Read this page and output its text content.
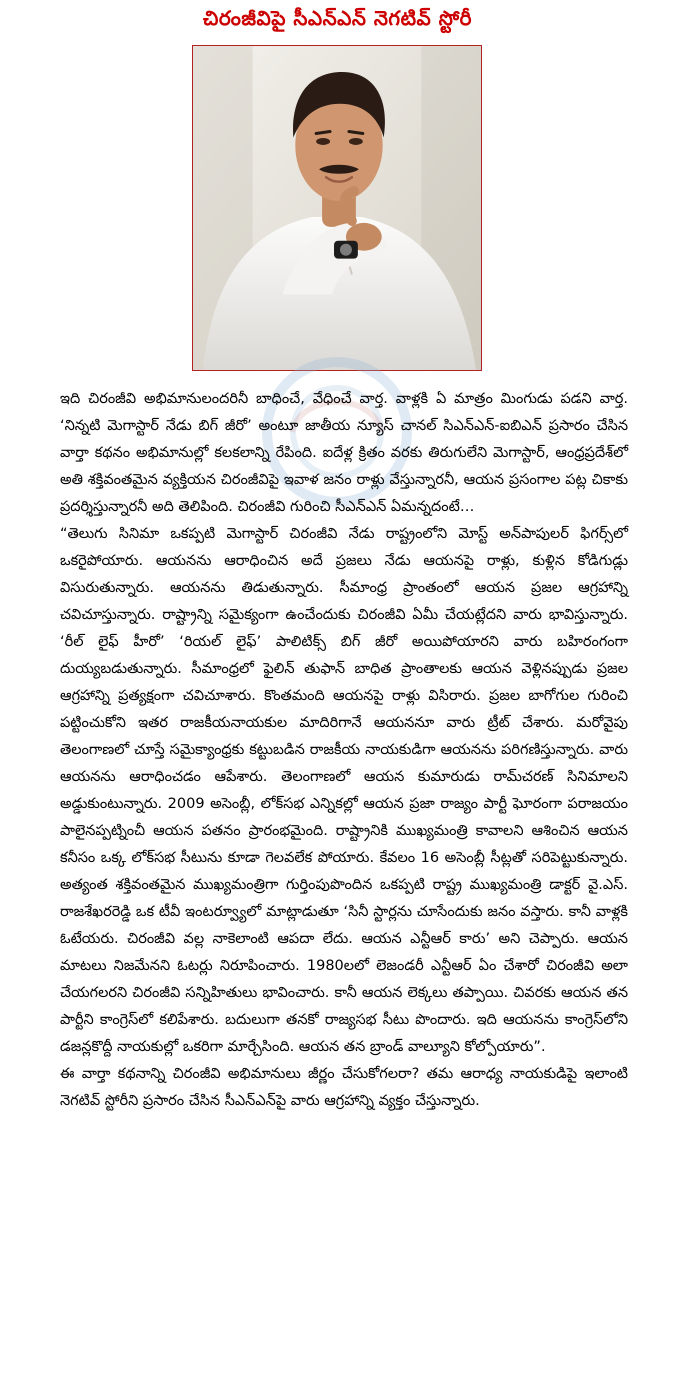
చిరంజీవిపై సీఎన్ఎన్ నెగటివ్ స్టోరీ

ఇది చిరంజీవి అభిమానులందరినీ బాధించే, వేధించే వార్త. వాళ్లకి ఏ మాత్రం మింగుడు పడని వార్త. ‘నిన్నటి మెగాస్టార్ నేడు బిగ్ జీరో’ అంటూ జాతీయ న్యూస్ చానల్ సిఎన్ఎన్-ఐబిఎన్ ప్రసారం చేసిన వార్తా కథనం అభిమానుల్లో కలకలాన్ని రేపింది. ఐదేళ్ల క్రితం వరకు తిరుగులేని మెగాస్టార్, ఆంధ్రప్రదేశ్‌లో అతి శక్తివంతమైన వ్యక్తియన చిరంజీవిపై ఇవాళ జనం రాళ్లు వేస్తున్నారనీ, ఆయన ప్రసంగాల పట్ల చికాకు ప్రదర్శిస్తున్నారనీ అది తెలిపింది. చిరంజీవి గురించి సీఎన్ఎన్ ఏమన్నదంటే…

“తెలుగు సినిమా ఒకప్పటి మెగాస్టార్ చిరంజీవి నేడు రాష్ట్రంలోని మోస్ట్ అన్‌పాపులర్ ఫిగర్స్‌లో ఒకరైపోయారు. ఆయనను ఆరాధించిన అదే ప్రజలు నేడు ఆయనపై రాళ్లు, కుళ్లిన కోడిగుడ్లు విసురుతున్నారు. ఆయనను తిడుతున్నారు. సీమాంధ్ర ప్రాంతంలో ఆయన ప్రజల ఆగ్రహాన్ని చవిచూస్తున్నారు. రాష్ట్రాన్ని సమైక్యంగా ఉంచేందుకు చిరంజీవి ఏమీ చేయట్లేదని వారు భావిస్తున్నారు. ‘రీల్ లైఫ్ హీరో’ ‘రియల్ లైఫ్’ పాలిటిక్స్ బిగ్ జీరో అయిపోయారని వారు బహిరంగంగా దుయ్యబడుతున్నారు. సీమాంధ్రలో ఫైలిన్ తుఫాన్ బాధిత ప్రాంతాలకు ఆయన వెళ్లినప్పుడు ప్రజల ఆగ్రహాన్ని ప్రత్యక్షంగా చవిచూశారు. కొంతమంది ఆయనపై రాళ్లు విసిరారు. ప్రజల బాగోగుల గురించి పట్టించుకోని ఇతర రాజకీయనాయకుల మాదిరిగానే ఆయననూ వారు ట్రీట్ చేశారు. మరోవైపు తెలంగాణలో చూస్తే సమైక్యాంధ్రకు కట్టుబడిన రాజకీయ నాయకుడిగా ఆయనను పరిగణిస్తున్నారు. వారు ఆయనను ఆరాధించడం ఆపేశారు. తెలంగాణలో ఆయన కుమారుడు రామ్‌చరణ్ సినిమాలని అడ్డుకుంటున్నారు. 2009 అసెంబ్లీ, లోక్‌సభ ఎన్నికల్లో ఆయన ప్రజా రాజ్యం పార్టీ ఘోరంగా పరాజయం పాలైనప్పట్నించీ ఆయన పతనం ప్రారంభమైంది. రాష్ట్రానికి ముఖ్యమంత్రి కావాలని ఆశించిన ఆయన కనీసం ఒక్క లోక్‌సభ సీటును కూడా గెలవలేక పోయారు. కేవలం 16 అసెంబ్లీ సీట్లతో సరిపెట్టుకున్నారు. అత్యంత శక్తివంతమైన ముఖ్యమంత్రిగా గుర్తింపుపొందిన ఒకప్పటి రాష్ట్ర ముఖ్యమంత్రి డాక్టర్ వై.ఎస్. రాజశేఖరరెడ్డి ఒక టీవీ ఇంటర్వ్యూలో మాట్లాడుతూ ‘సినీ స్టార్లను చూసేందుకు జనం వస్తారు. కానీ వాళ్లకి ఓటేయరు. చిరంజీవి వల్ల నాకెలాంటి ఆపదా లేదు. ఆయన ఎన్టీఆర్ కారు’ అని చెప్పారు. ఆయన మాటలు నిజమేనని ఓటర్లు నిరూపించారు. 1980లలో లెజండరీ ఎన్టీఆర్ ఏం చేశారో చిరంజీవి అలా చేయగలరని చిరంజీవి సన్నిహితులు భావించారు. కానీ ఆయన లెక్కలు తప్పాయి. చివరకు ఆయన తన పార్టీని కాంగ్రెస్‌లో కలిపేశారు. బదులుగా తనకో రాజ్యసభ సీటు పొందారు. ఇది ఆయనను కాంగ్రెస్‌లోని డజన్లకొద్దీ నాయకుల్లో ఒకరిగా మార్చేసింది. ఆయన తన బ్రాండ్ వాల్యూని కోల్పోయారు”.

ఈ వార్తా కథనాన్ని చిరంజీవి అభిమానులు జీర్ణం చేసుకోగలరా? తమ ఆరాధ్య నాయకుడిపై ఇలాంటి నెగటివ్ స్టోరీని ప్రసారం చేసిన సీఎన్ఎన్‌పై వారు ఆగ్రహాన్ని వ్యక్తం చేస్తున్నారు.
